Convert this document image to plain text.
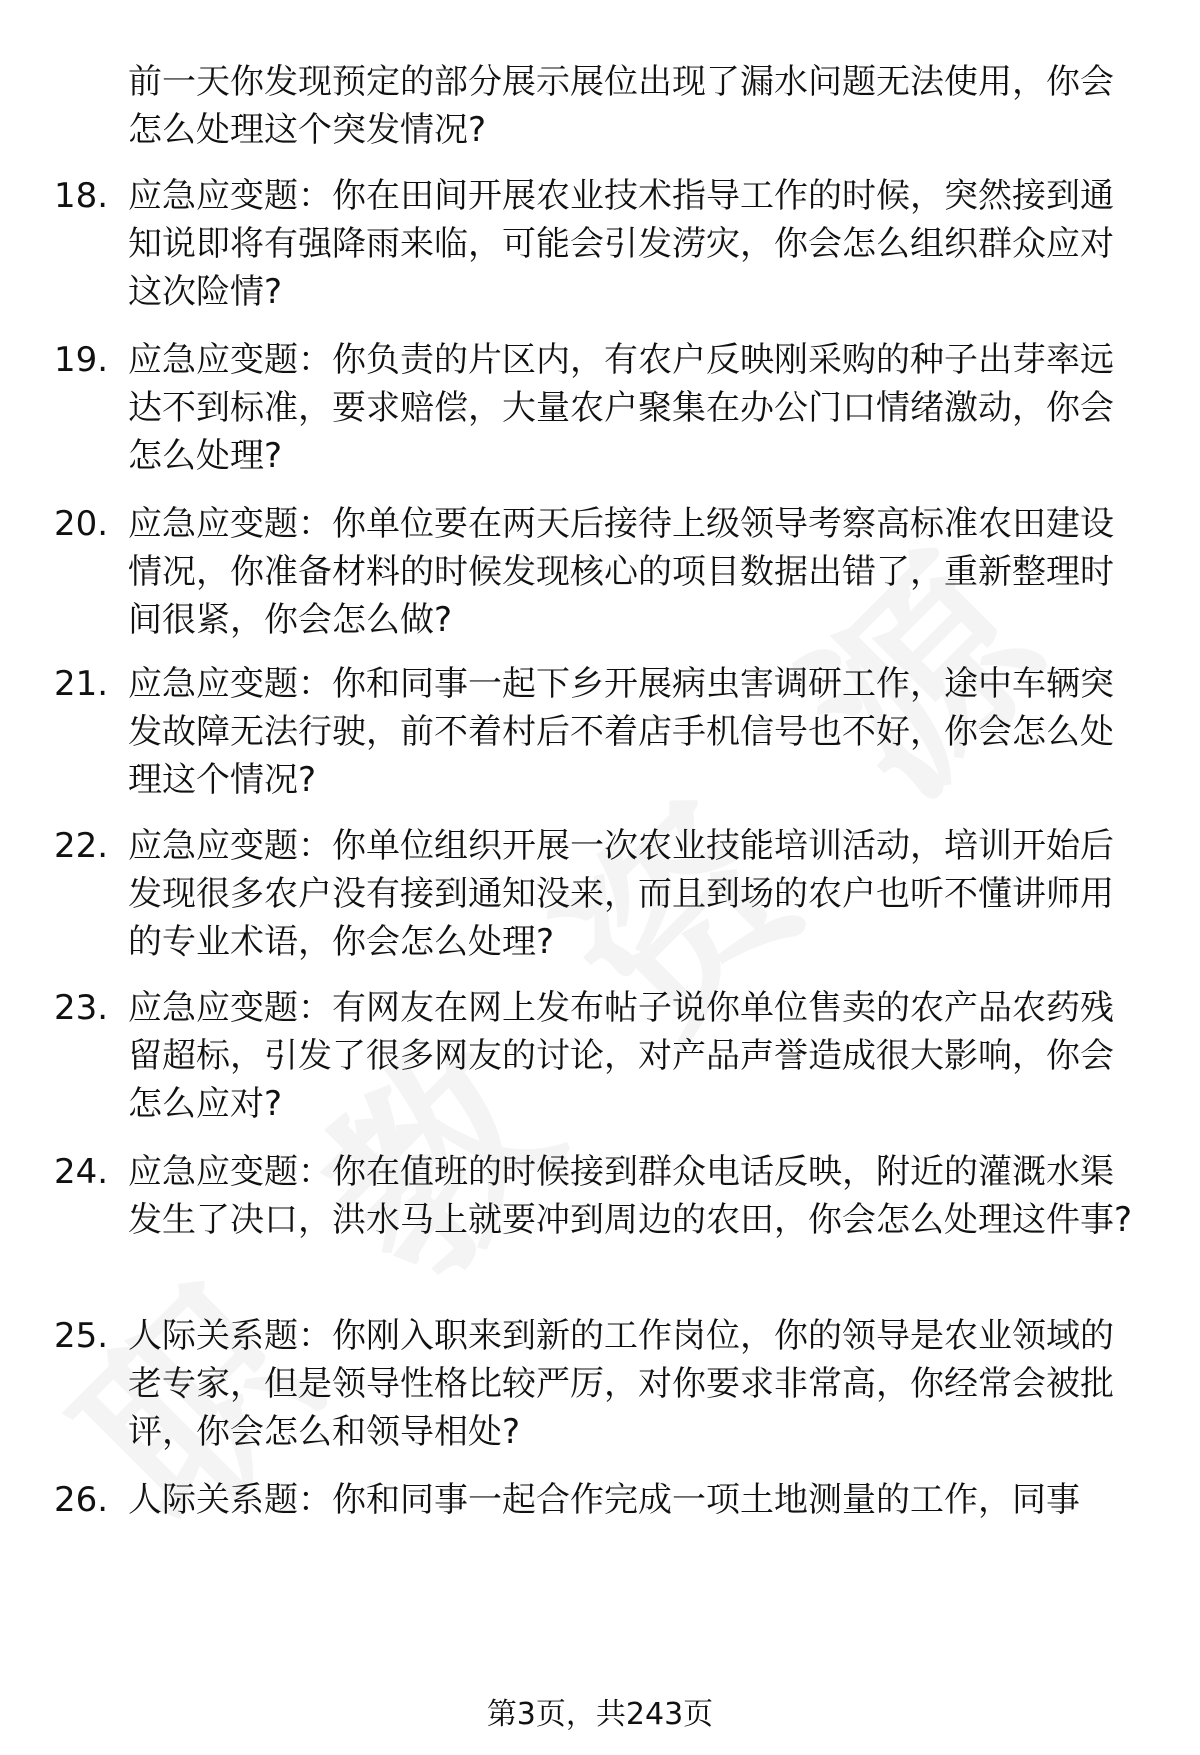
前一天你发现预定的部分展示展位出现了漏水问题无法使用，你会怎么处理这个突发情况?

18. 应急应变题：你在田间开展农业技术指导工作的时候，突然接到通知说即将有强降雨来临，可能会引发涝灾，你会怎么组织群众应对这次险情?
19. 应急应变题：你负责的片区内，有农户反映刚采购的种子出芽率远达不到标准，要求赔偿，大量农户聚集在办公门口情绪激动，你会怎么处理?
20. 应急应变题：你单位要在两天后接待上级领导考察高标准农田建设情况，你准备材料的时候发现核心的项目数据出错了，重新整理时间很紧，你会怎么做?
21. 应急应变题：你和同事一起下乡开展病虫害调研工作，途中车辆突发故障无法行驶，前不着村后不着店手机信号也不好，你会怎么处理这个情况?
22. 应急应变题：你单位组织开展一次农业技能培训活动，培训开始后发现很多农户没有接到通知没来，而且到场的农户也听不懂讲师用的专业术语，你会怎么处理?
23. 应急应变题：有网友在网上发布帖子说你单位售卖的农产品农药残留超标，引发了很多网友的讨论，对产品声誉造成很大影响，你会怎么应对?
24. 应急应变题：你在值班的时候接到群众电话反映，附近的灌溉水渠发生了决口，洪水马上就要冲到周边的农田，你会怎么处理这件事?
25. 人际关系题：你刚入职来到新的工作岗位，你的领导是农业领域的老专家，但是领导性格比较严厉，对你要求非常高，你经常会被批评，你会怎么和领导相处?
26. 人际关系题：你和同事一起合作完成一项土地测量的工作，同事
第3页，共243页
